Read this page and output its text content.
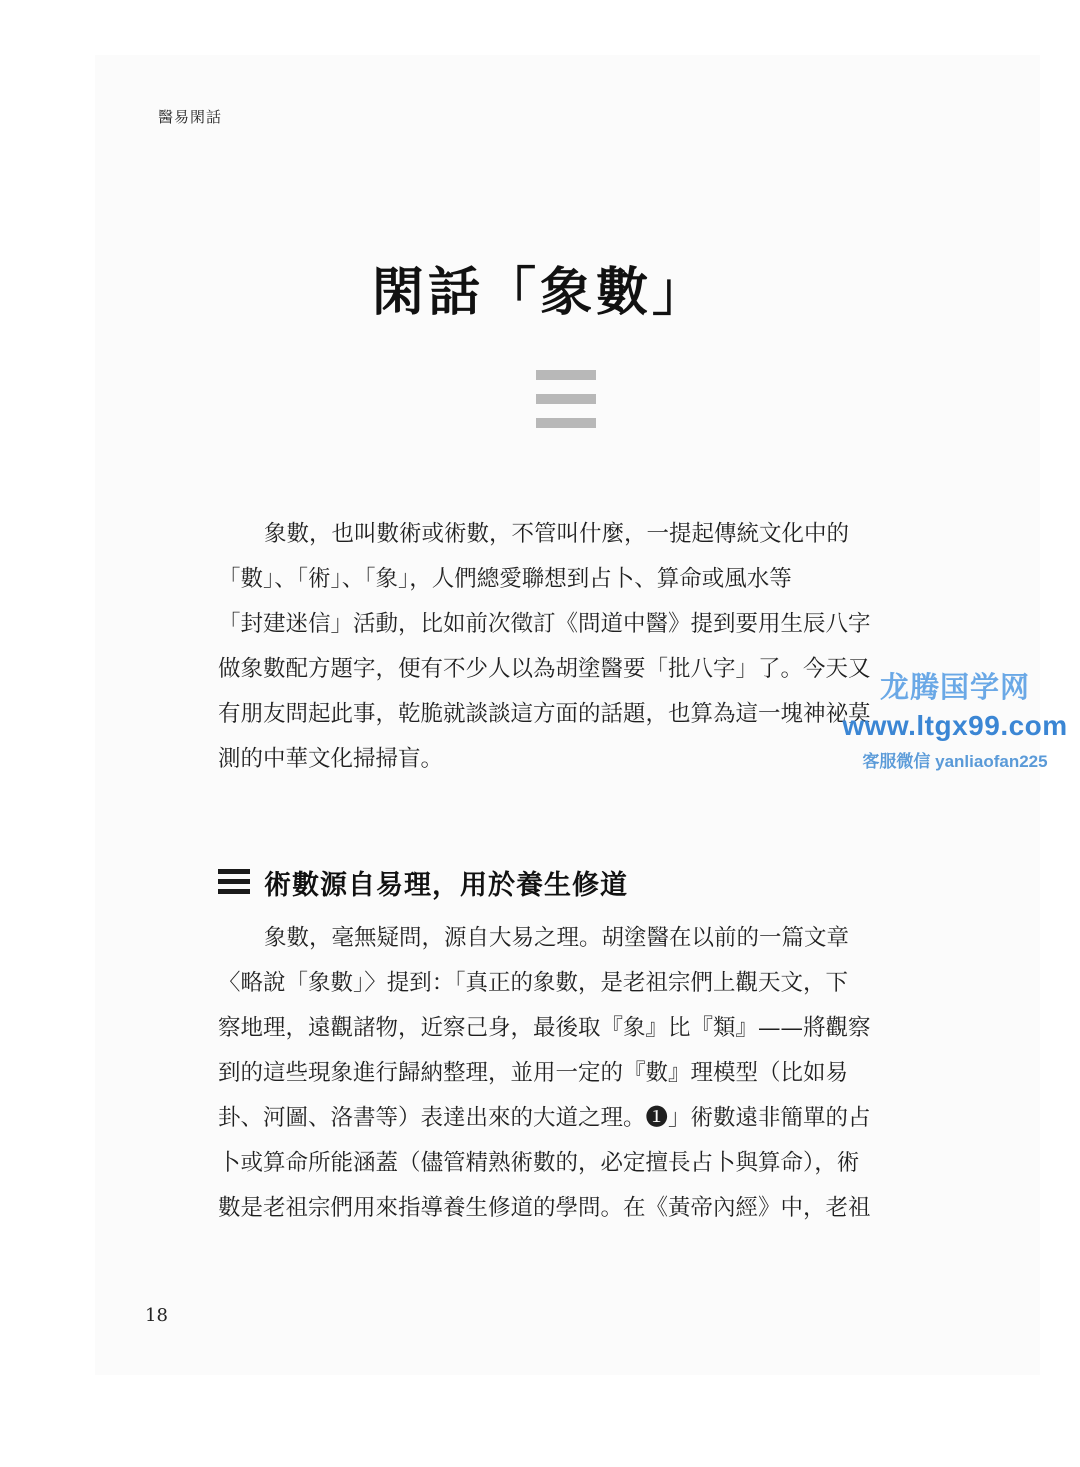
醫易閑話
閑話「象數」

象數，也叫數術或術數，不管叫什麼，一提起傳統文化中的
「數」、「術」、「象」，人們總愛聯想到占卜、算命或風水等
「封建迷信」活動，比如前次徵訂《問道中醫》提到要用生辰八字
做象數配方題字，便有不少人以為胡塗醫要「批八字」了。今天又
有朋友問起此事，乾脆就談談這方面的話題，也算為這一塊神祕莫
測的中華文化掃掃盲。

術數源自易理，用於養生修道

象數，毫無疑問，源自大易之理。胡塗醫在以前的一篇文章
〈略說「象數」〉提到：「真正的象數，是老祖宗們上觀天文，下
察地理，遠觀諸物，近察己身，最後取『象』比『類』——將觀察
到的這些現象進行歸納整理，並用一定的『數』理模型（比如易
卦、河圖、洛書等）表達出來的大道之理。❶」術數遠非簡單的占
卜或算命所能涵蓋（儘管精熟術數的，必定擅長占卜與算命），術
數是老祖宗們用來指導養生修道的學問。在《黃帝內經》中，老祖

18
龙腾国学网
www.ltgx99.com
客服微信 yanliaofan225
